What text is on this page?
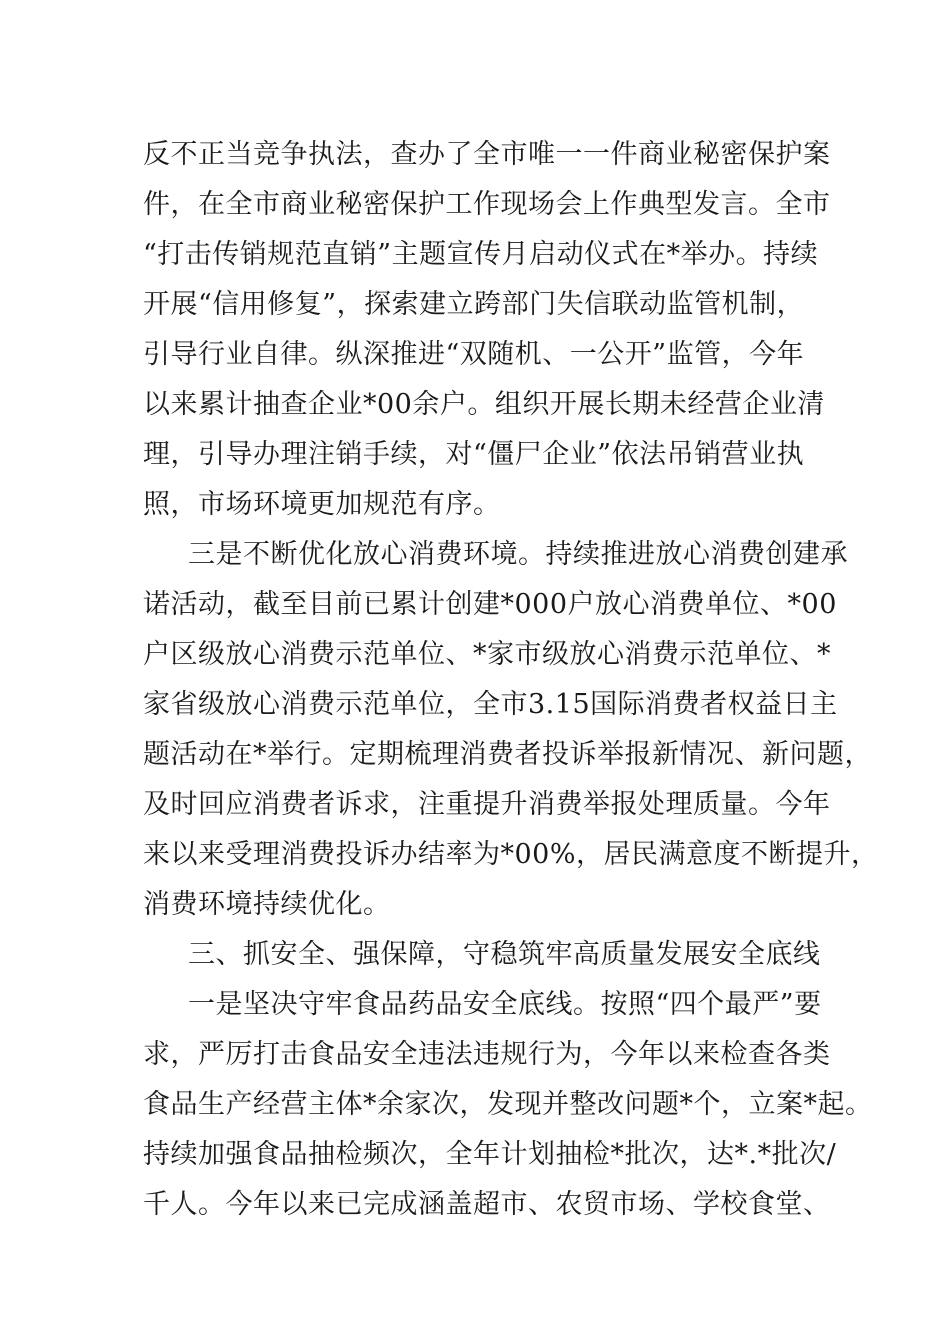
反不正当竞争执法，查办了全市唯一一件商业秘密保护案
件，在全市商业秘密保护工作现场会上作典型发言。全市
“打击传销规范直销”主题宣传月启动仪式在*举办。持续
开展“信用修复”，探索建立跨部门失信联动监管机制，
引导行业自律。纵深推进“双随机、一公开”监管，今年
以来累计抽查企业*00余户。组织开展长期未经营企业清
理，引导办理注销手续，对“僵尸企业”依法吊销营业执
照，市场环境更加规范有序。
三是不断优化放心消费环境。持续推进放心消费创建承
诺活动，截至目前已累计创建*000户放心消费单位、*00
户区级放心消费示范单位、*家市级放心消费示范单位、*
家省级放心消费示范单位，全市3.15国际消费者权益日主
题活动在*举行。定期梳理消费者投诉举报新情况、新问题，
及时回应消费者诉求，注重提升消费举报处理质量。今年
来以来受理消费投诉办结率为*00%，居民满意度不断提升，
消费环境持续优化。
三、抓安全、强保障，守稳筑牢高质量发展安全底线
一是坚决守牢食品药品安全底线。按照“四个最严”要
求，严厉打击食品安全违法违规行为，今年以来检查各类
食品生产经营主体*余家次，发现并整改问题*个，立案*起。
持续加强食品抽检频次，全年计划抽检*批次，达*.*批次/
千人。今年以来已完成涵盖超市、农贸市场、学校食堂、
